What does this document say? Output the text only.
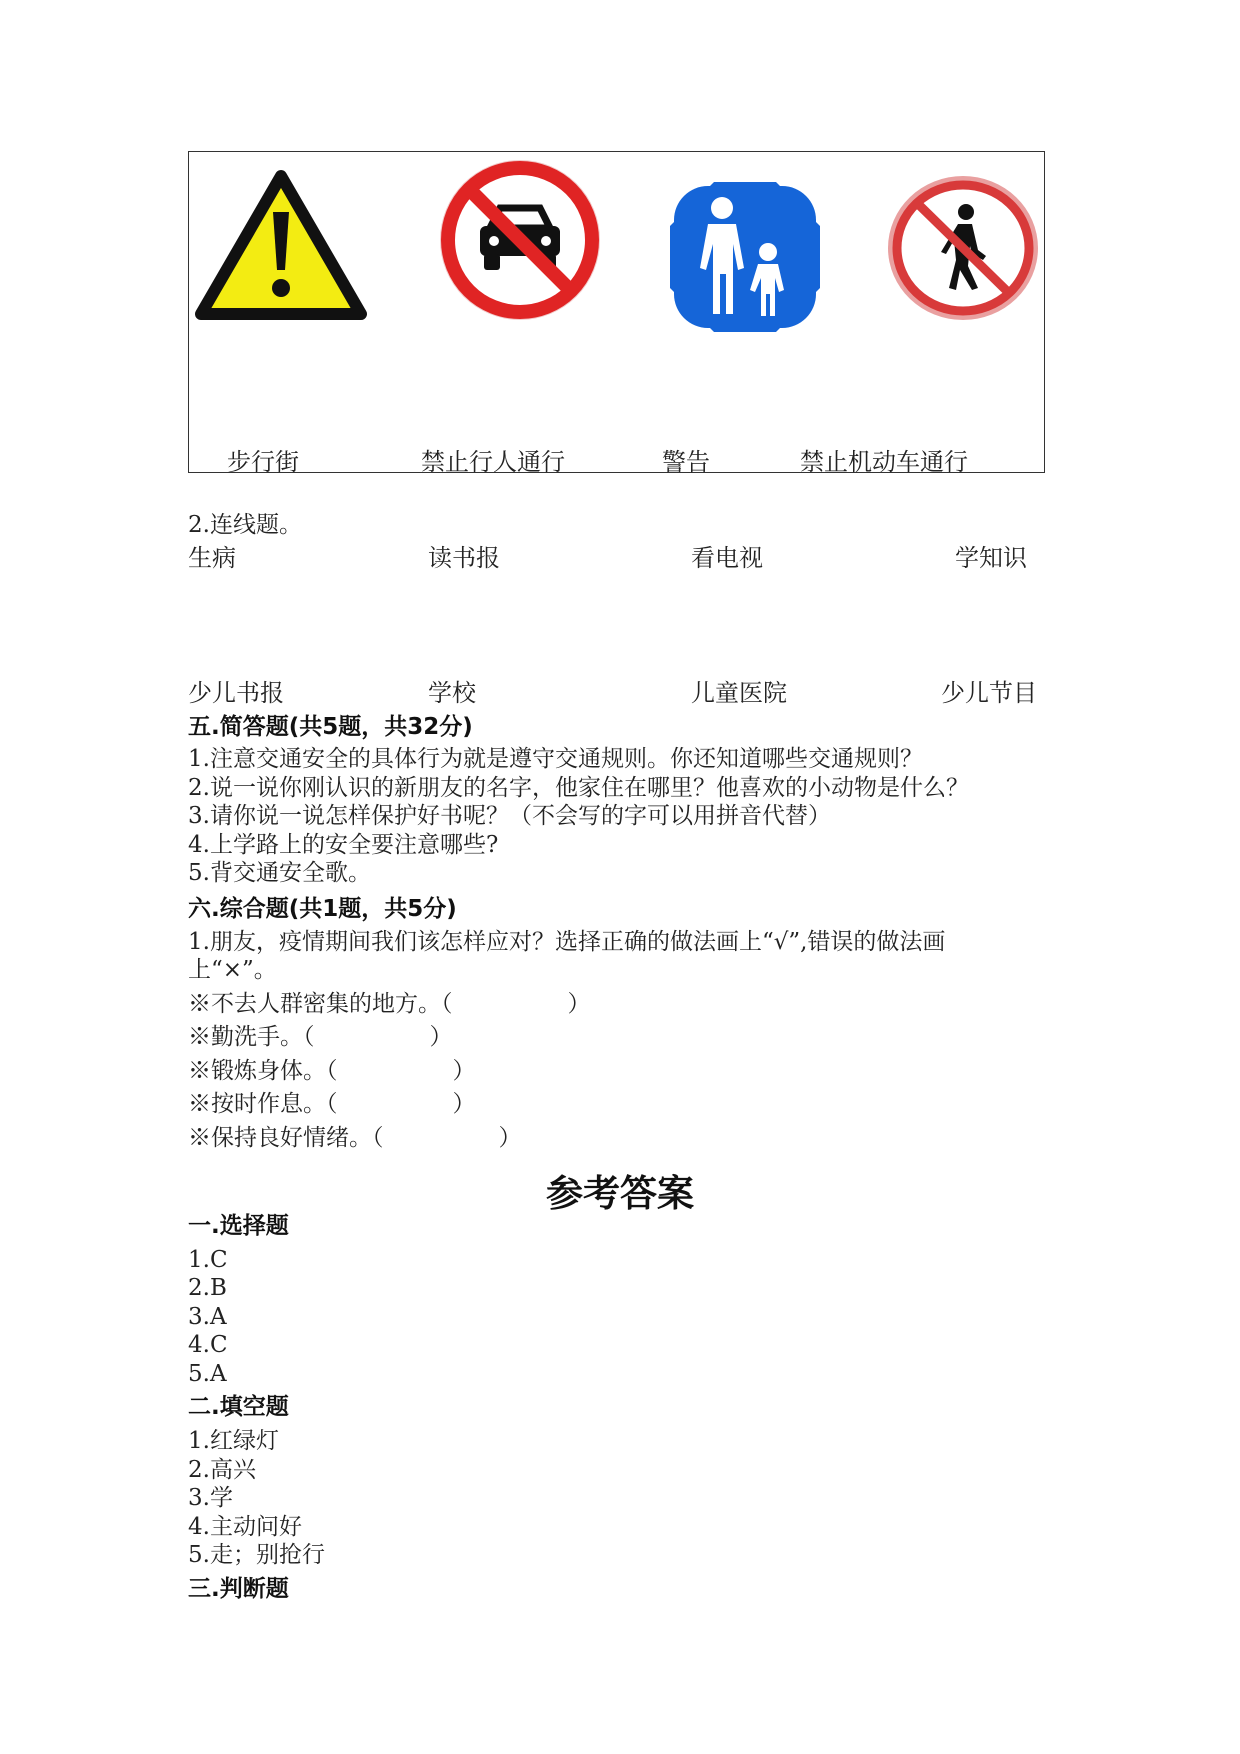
步行街	禁止行人通行	警告	禁止机动车通行
2.连线题。
生病	读书报	看电视	学知识
少儿书报	学校	儿童医院	少儿节目
五.简答题(共5题，共32分)
1.注意交通安全的具体行为就是遵守交通规则。你还知道哪些交通规则？
2.说一说你刚认识的新朋友的名字，他家住在哪里？他喜欢的小动物是什么？
3.请你说一说怎样保护好书呢？（不会写的字可以用拼音代替）
4.上学路上的安全要注意哪些?
5.背交通安全歌。
六.综合题(共1题，共5分)
1.朋友，疫情期间我们该怎样应对？选择正确的做法画上“√”,错误的做法画
上“×”。
※不去人群密集的地方。（　　　　　）
※勤洗手。（　　　　　）
※锻炼身体。（　　　　　）
※按时作息。（　　　　　）
※保持良好情绪。（　　　　　）
参考答案
一.选择题
1.C
2.B
3.A
4.C
5.A
二.填空题
1.红绿灯
2.高兴
3.学
4.主动问好
5.走；别抢行
三.判断题
